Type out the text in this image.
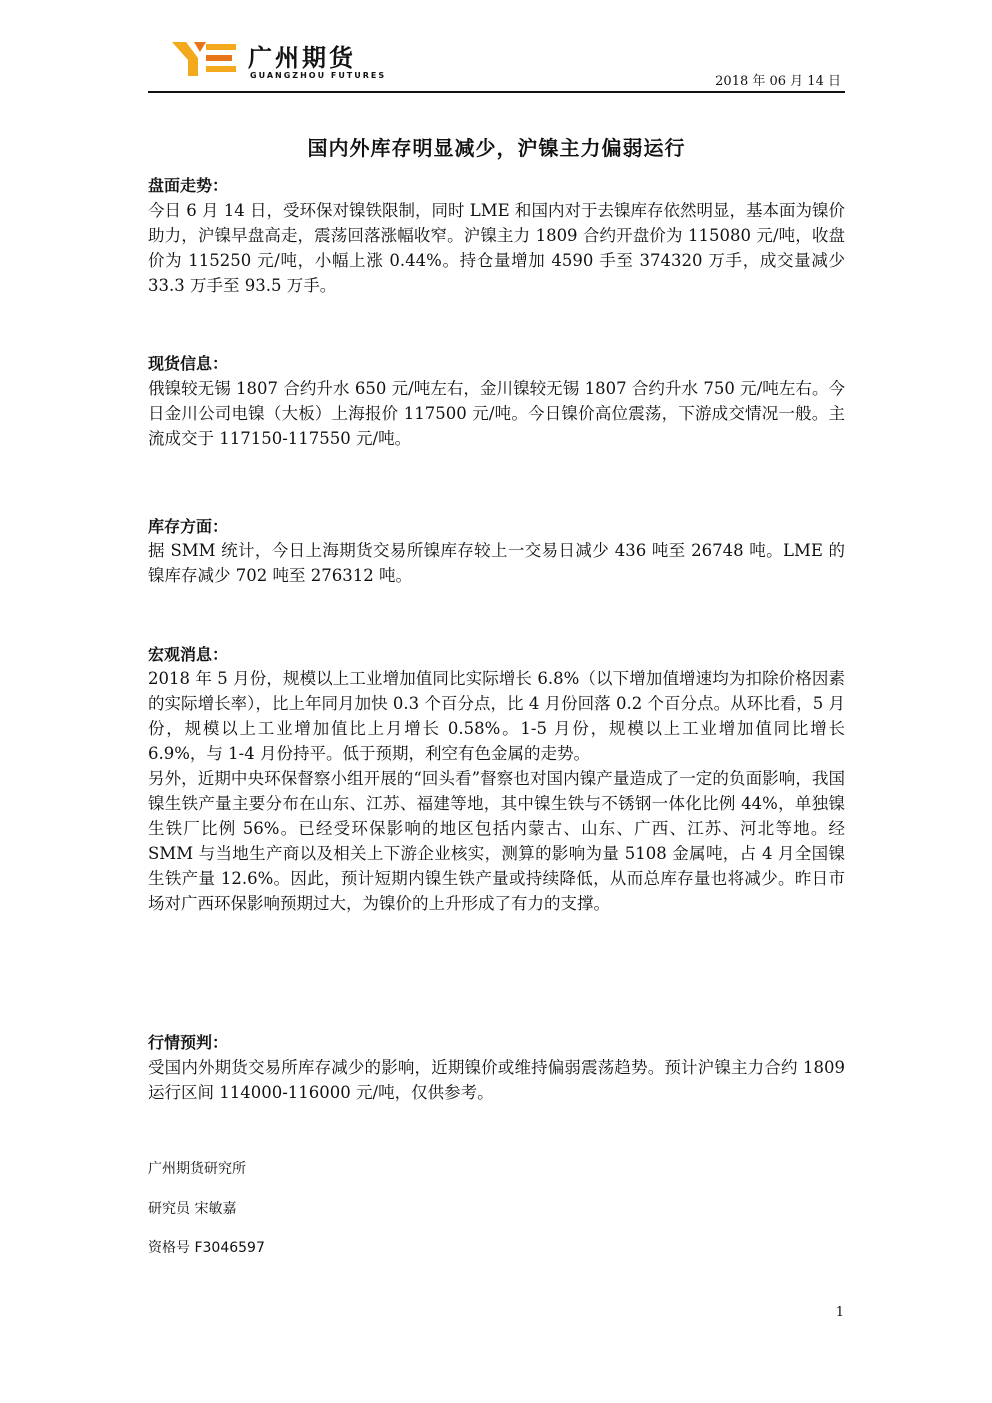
广州期货
GUANGZHOU FUTURES	2018 年 06 月 14 日
国内外库存明显减少，沪镍主力偏弱运行
盘面走势：

今日 6 月 14 日，受环保对镍铁限制，同时 LME 和国内对于去镍库存依然明显，基本面为镍价助力，沪镍早盘高走，震荡回落涨幅收窄。沪镍主力 1809 合约开盘价为 115080 元/吨，收盘价为 115250 元/吨，小幅上涨 0.44%。持仓量增加 4590 手至 374320 万手，成交量减少 33.3 万手至 93.5 万手。

现货信息：

俄镍较无锡 1807 合约升水 650 元/吨左右，金川镍较无锡 1807 合约升水 750 元/吨左右。今日金川公司电镍（大板）上海报价 117500 元/吨。今日镍价高位震荡，下游成交情况一般。主流成交于 117150-117550 元/吨。

库存方面：

据 SMM 统计，今日上海期货交易所镍库存较上一交易日减少 436 吨至 26748 吨。LME 的镍库存减少 702 吨至 276312 吨。

宏观消息：

2018 年 5 月份，规模以上工业增加值同比实际增长 6.8%（以下增加值增速均为扣除价格因素的实际增长率），比上年同月加快 0.3 个百分点，比 4 月份回落 0.2 个百分点。从环比看，5 月份，规模以上工业增加值比上月增长 0.58%。1-5 月份，规模以上工业增加值同比增长 6.9%，与 1-4 月份持平。低于预期，利空有色金属的走势。

另外，近期中央环保督察小组开展的“回头看”督察也对国内镍产量造成了一定的负面影响，我国镍生铁产量主要分布在山东、江苏、福建等地，其中镍生铁与不锈钢一体化比例 44%，单独镍生铁厂比例 56%。已经受环保影响的地区包括内蒙古、山东、广西、江苏、河北等地。经 SMM 与当地生产商以及相关上下游企业核实，测算的影响为量 5108 金属吨，占 4 月全国镍生铁产量 12.6%。因此，预计短期内镍生铁产量或持续降低，从而总库存量也将减少。昨日市场对广西环保影响预期过大，为镍价的上升形成了有力的支撑。

行情预判：

受国内外期货交易所库存减少的影响，近期镍价或维持偏弱震荡趋势。预计沪镍主力合约 1809 运行区间 114000-116000 元/吨，仅供参考。

广州期货研究所
研究员 宋敏嘉
资格号 F3046597
1
